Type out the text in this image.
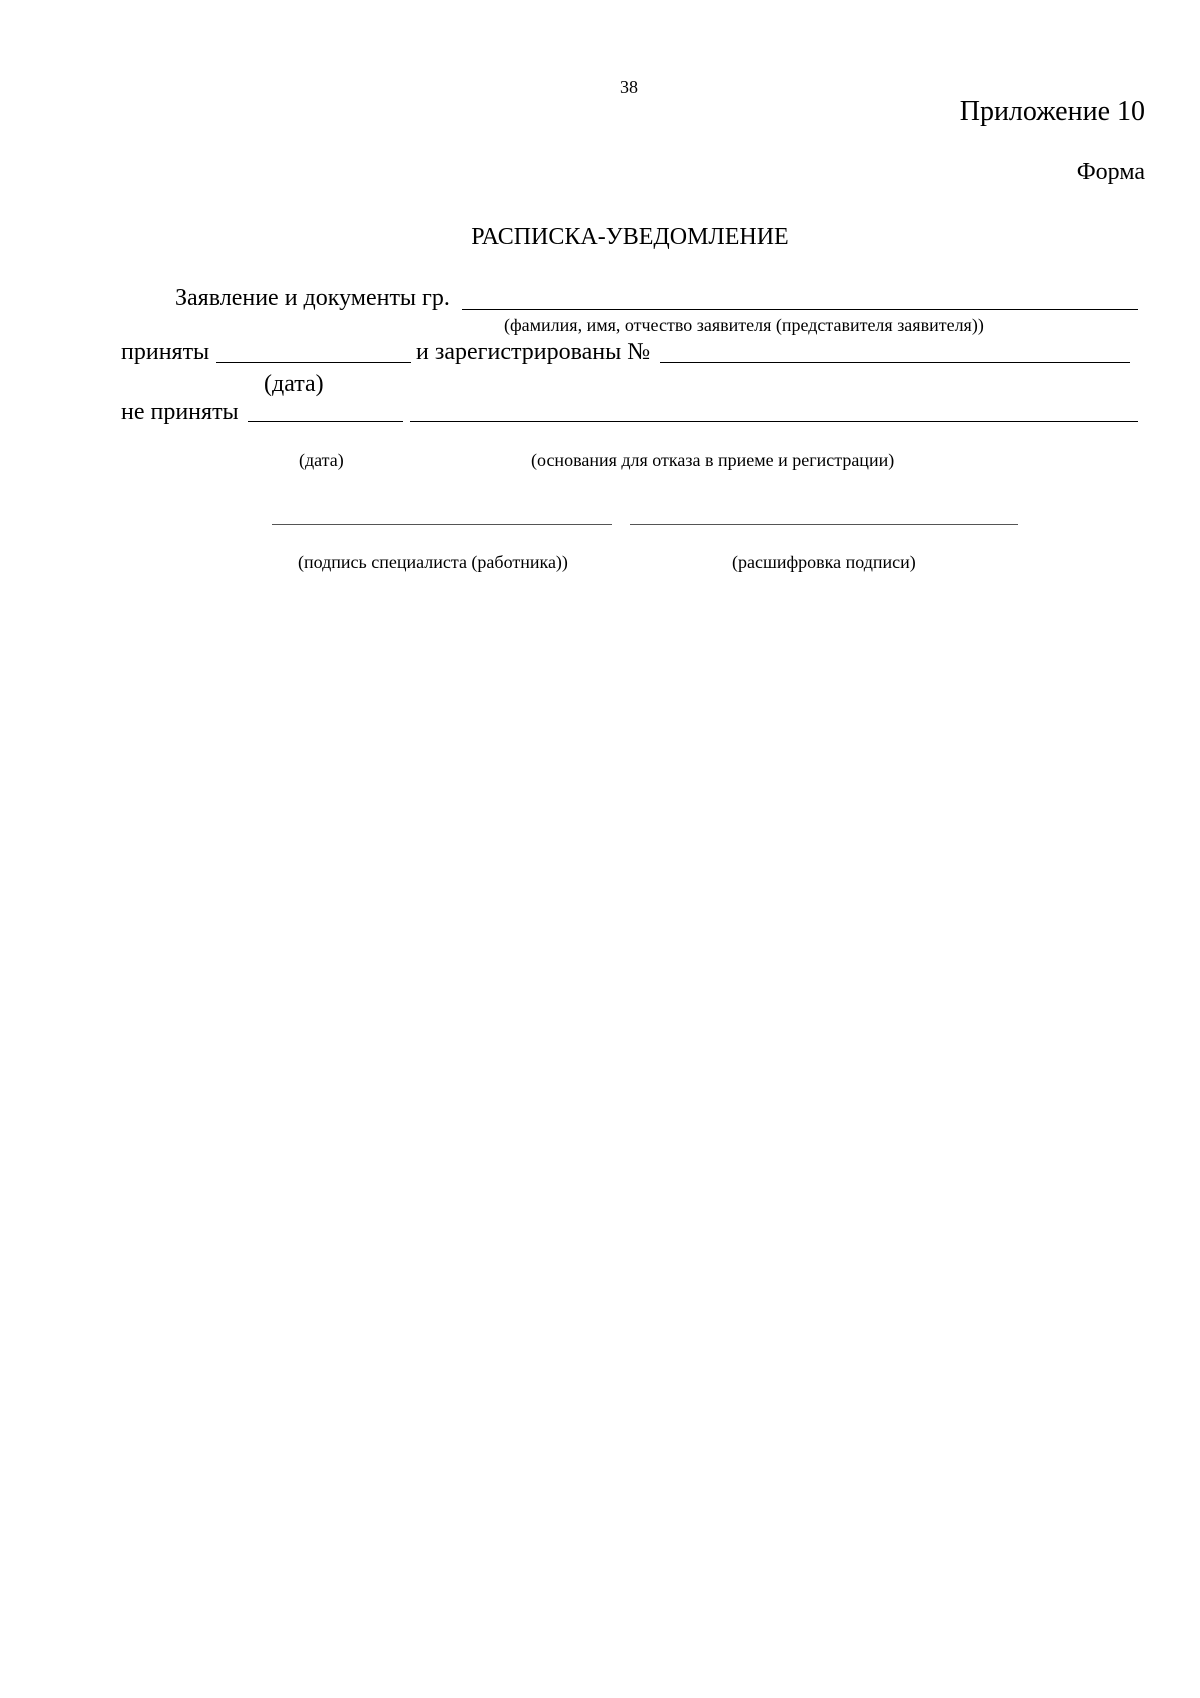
38
Приложение 10
Форма
РАСПИСКА-УВЕДОМЛЕНИЕ
Заявление и документы гр.
(фамилия, имя, отчество заявителя (представителя заявителя))
приняты	и зарегистрированы №
(дата)
не приняты
(дата)	(основания для отказа в приеме и регистрации)
(подпись специалиста (работника))	(расшифровка подписи)
